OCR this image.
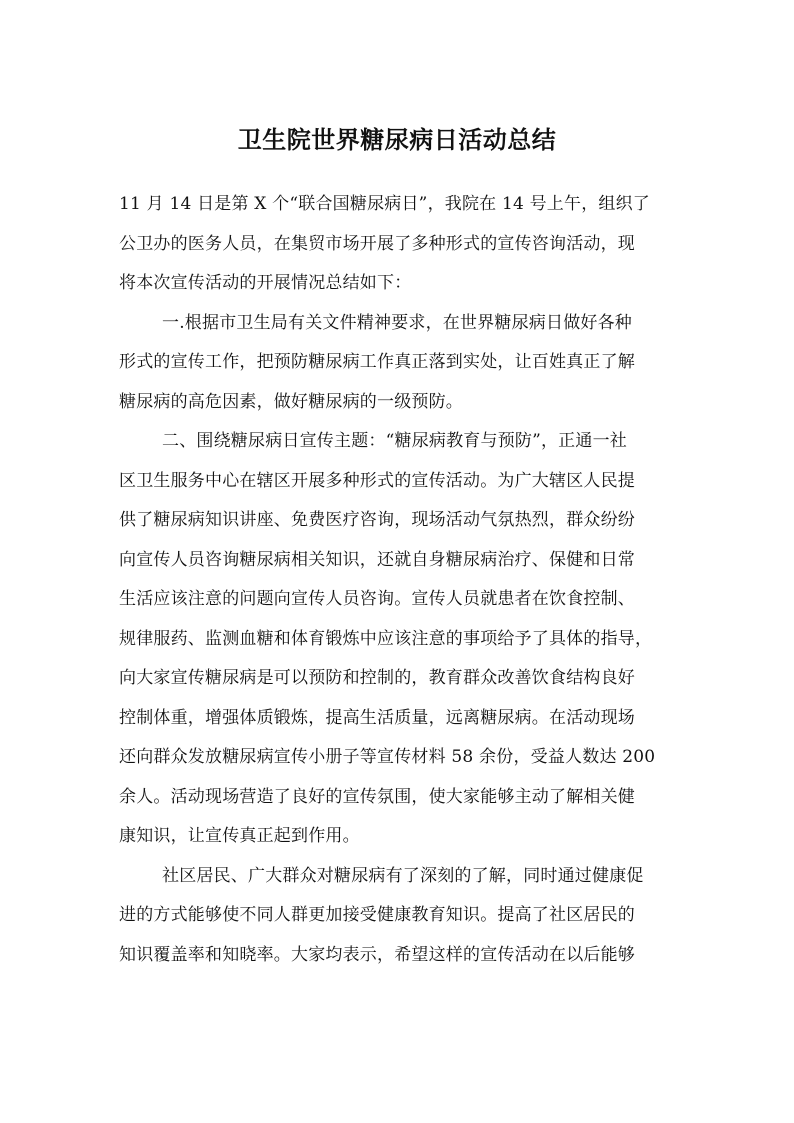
卫生院世界糖尿病日活动总结
11 月 14 日是第 X 个“联合国糖尿病日”，我院在 14 号上午，组织了
公卫办的医务人员，在集贸市场开展了多种形式的宣传咨询活动，现
将本次宣传活动的开展情况总结如下：
一.根据市卫生局有关文件精神要求，在世界糖尿病日做好各种
形式的宣传工作，把预防糖尿病工作真正落到实处，让百姓真正了解
糖尿病的高危因素，做好糖尿病的一级预防。
二、围绕糖尿病日宣传主题：“糖尿病教育与预防”，正通一社
区卫生服务中心在辖区开展多种形式的宣传活动。为广大辖区人民提
供了糖尿病知识讲座、免费医疗咨询，现场活动气氛热烈，群众纷纷
向宣传人员咨询糖尿病相关知识，还就自身糖尿病治疗、保健和日常
生活应该注意的问题向宣传人员咨询。宣传人员就患者在饮食控制、
规律服药、监测血糖和体育锻炼中应该注意的事项给予了具体的指导，
向大家宣传糖尿病是可以预防和控制的，教育群众改善饮食结构良好
控制体重，增强体质锻炼，提高生活质量，远离糖尿病。在活动现场
还向群众发放糖尿病宣传小册子等宣传材料 58 余份，受益人数达 200
余人。活动现场营造了良好的宣传氛围，使大家能够主动了解相关健
康知识，让宣传真正起到作用。
社区居民、广大群众对糖尿病有了深刻的了解，同时通过健康促
进的方式能够使不同人群更加接受健康教育知识。提高了社区居民的
知识覆盖率和知晓率。大家均表示，希望这样的宣传活动在以后能够
